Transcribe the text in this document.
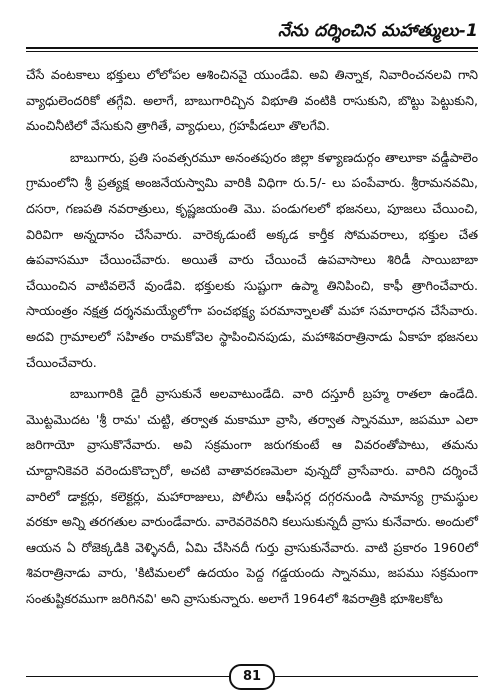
నేను దర్శించిన మహాత్ములు-1

చేసే వంటకాలు భక్తులు లోలోపల ఆశించినవై యుండేవి. అవి తిన్నాక, నివారించనలవి గాని వ్యాధులెందరికో తగ్గేవి. అలాగే, బాబుగారిచ్చిన విభూతి వంటికి రాసుకుని, బొట్టు పెట్టుకుని, మంచినీటిలో వేసుకుని త్రాగితే, వ్యాధులు, గ్రహపీడలూ తొలగేవి.

బాబుగారు, ప్రతి సంవత్సరమూ అనంతపురం జిల్లా కళ్యాణదుర్గం తాలూకా వడ్డీపాలెం గ్రామంలోని శ్రీ ప్రత్యక్ష అంజనేయస్వామి వారికి విధిగా రు.5/- లు పంపేవారు. శ్రీరామనవమి, దసరా, గణపతి నవరాత్రులు, కృష్ణజయంతి మొ. పండుగలలో భజనలు, పూజలు చేయించి, విరివిగా అన్నదానం చేసేవారు. వారెక్కడుంటే అక్కడ కార్తీక సోమవరాలు, భక్తుల చేత ఉపవాసమూ చేయించేవారు. అయితే వారు చేయించే ఉపవాసాలు శిరిడీ సాయిబాబా చేయించిన వాటివలెనే వుండేవి. భక్తులకు సుష్టుగా ఉప్మా తినిపించి, కాఫీ త్రాగించేవారు. సాయంత్రం నక్షత్ర దర్శనమయ్యేలోగా పంచభక్ష్య పరమాన్నాలతో మహా సమారాధన చేసేవారు. అదవి గ్రామాలలో సహితం రామకోవెల స్థాపించినపుడు, మహాశివరాత్రినాడు ఏకాహ భజనలు చేయించేవారు.

బాబుగారికి డైరీ వ్రాసుకునే అలవాటుండేది. వారి దస్తూరీ బ్రహ్మ రాతలా ఉండేది. మొట్టమొదట 'శ్రీ రామ' చుట్టి, తర్వాత మకామూ వ్రాసి, తర్వాత స్నానమూ, జపమూ ఎలా జరిగాయో వ్రాసుకొనేవారు. అవి సక్రమంగా జరుగకుంటే ఆ వివరంతోపాటు, తమను చూద్దానికెవరె వరెందుకొచ్చారో, అచటి వాతావరణమెలా వున్నదో వ్రాసేవారు. వారిని దర్శించే వారిలో డాక్టర్లు, కలెక్టర్లు, మహారాజులు, పోలీసు ఆఫీసర్ల దగ్గరనుండి సామాన్య గ్రామస్థుల వరకూ అన్ని తరగతుల వారుండేవారు. వారెవరెవరిని కలుసుకున్నదీ వ్రాసు కునేవారు. అందులో ఆయన ఏ రోజెక్కడికి వెళ్ళినదీ, ఏమి చేసినదీ గుర్తు వ్రాసుకునేవారు. వాటి ప్రకారం 1960లో శివరాత్రినాడు వారు, 'కిటిమలలో ఉదయం పెద్ద గడ్డయందు స్నానము, జపము సక్రమంగా సంతుష్టికరముగా జరిగినవి' అని వ్రాసుకున్నారు. అలాగే 1964లో శివరాత్రికి భూశిలకోట

81
